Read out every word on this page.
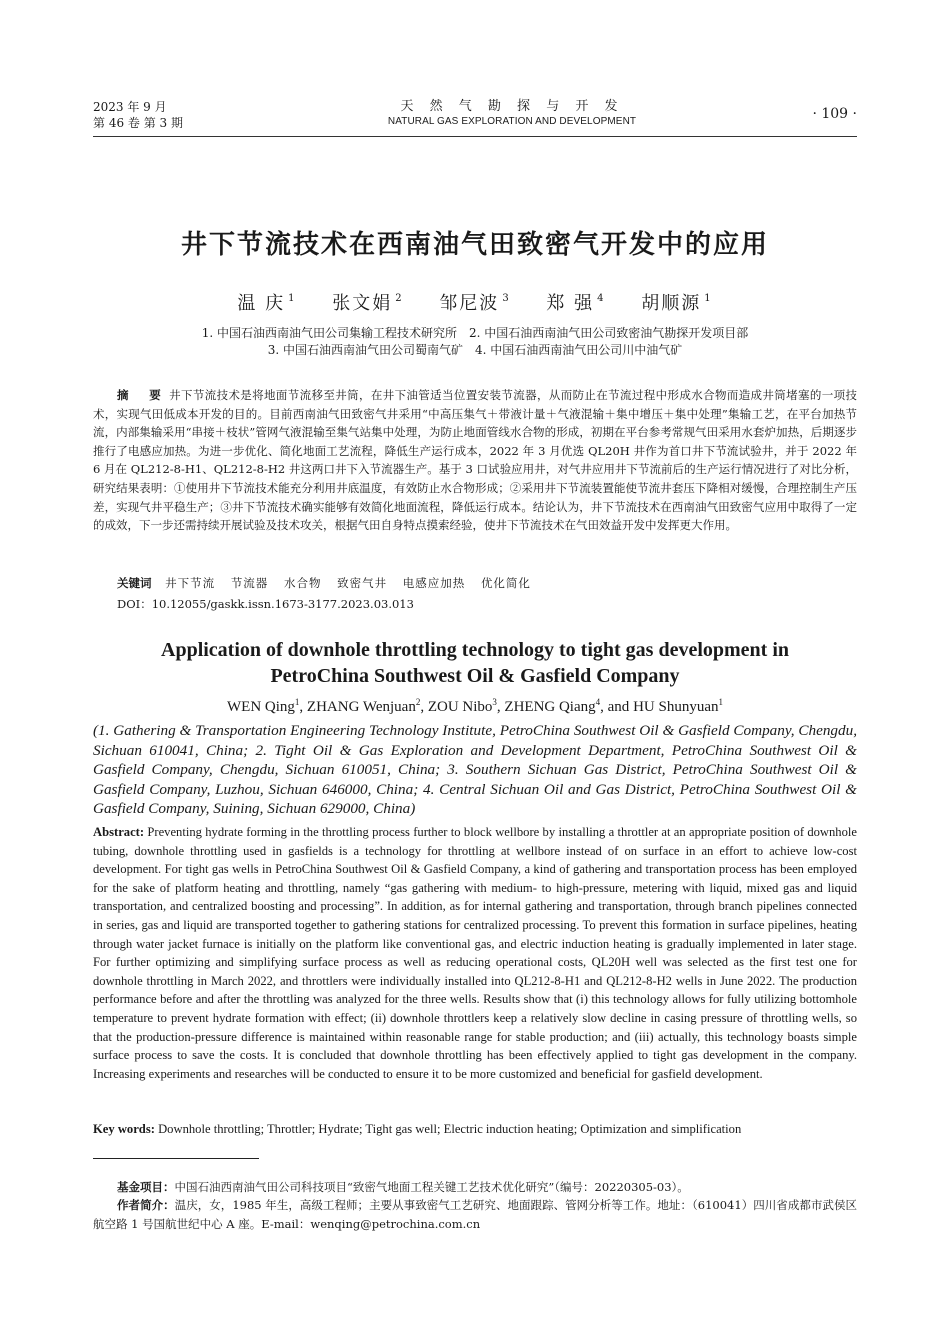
2023 年 9 月
第 46 卷 第 3 期
天 然 气 勘 探 与 开 发
NATURAL GAS EXPLORATION AND DEVELOPMENT	· 109 ·
井下节流技术在西南油气田致密气开发中的应用
温 庆 $^1$ 张文娟 $^2$ 邹尼波 $^3$ 郑 强 $^4$ 胡顺源 $^1$
1. 中国石油西南油气田公司集输工程技术研究所　2. 中国石油西南油气田公司致密油气勘探开发项目部
3. 中国石油西南油气田公司蜀南气矿　4. 中国石油西南油气田公司川中油气矿

摘 要井下节流技术是将地面节流移至井筒，在井下油管适当位置安装节流器，从而防止在节流过程中形成水合物而造成井筒堵塞的一项技术，实现气田低成本开发的目的。目前西南油气田致密气井采用“中高压集气＋带液计量＋气液混输＋集中增压＋集中处理”集输工艺，在平台加热节流，内部集输采用“串接＋枝状”管网气液混输至集气站集中处理，为防止地面管线水合物的形成，初期在平台参考常规气田采用水套炉加热，后期逐步推行了电感应加热。为进一步优化、简化地面工艺流程，降低生产运行成本，2022 年 3 月优选 QL20H 井作为首口井下节流试验井，并于 2022 年 6 月在 QL212-8-H1、QL212-8-H2 井这两口井下入节流器生产。基于 3 口试验应用井，对气井应用井下节流前后的生产运行情况进行了对比分析，研究结果表明：①使用井下节流技术能充分利用井底温度，有效防止水合物形成；②采用井下节流装置能使节流井套压下降相对缓慢，合理控制生产压差，实现气井平稳生产；③井下节流技术确实能够有效简化地面流程，降低运行成本。结论认为，井下节流技术在西南油气田致密气应用中取得了一定的成效，下一步还需持续开展试验及技术攻关，根据气田自身特点摸索经验，使井下节流技术在气田效益开发中发挥更大作用。

关键词 井下节流 节流器 水合物 致密气井 电感应加热 优化简化
DOI：10.12055/gaskk.issn.1673-3177.2023.03.013
Application of downhole throttling technology to tight gas development in
PetroChina Southwest Oil & Gasfield Company
WEN Qing$^1$, ZHANG Wenjuan$^2$, ZOU Nibo$^3$, ZHENG Qiang$^4$, and HU Shunyuan$^1$
(1. Gathering & Transportation Engineering Technology Institute, PetroChina Southwest Oil & Gasfield Company, Chengdu, Sichuan 610041, China; 2. Tight Oil & Gas Exploration and Development Department, PetroChina Southwest Oil & Gasfield Company, Chengdu, Sichuan 610051, China; 3. Southern Sichuan Gas District, PetroChina Southwest Oil & Gasfield Company, Luzhou, Sichuan 646000, China; 4. Central Sichuan Oil and Gas District, PetroChina Southwest Oil & Gasfield Company, Suining, Sichuan 629000, China)
Abstract: Preventing hydrate forming in the throttling process further to block wellbore by installing a throttler at an appropriate position of downhole tubing, downhole throttling used in gasfields is a technology for throttling at wellbore instead of on surface in an effort to achieve low-cost development. For tight gas wells in PetroChina Southwest Oil & Gasfield Company, a kind of gathering and transportation process has been employed for the sake of platform heating and throttling, namely “gas gathering with medium- to high-pressure, metering with liquid, mixed gas and liquid transportation, and centralized boosting and processing”. In addition, as for internal gathering and transportation, through branch pipelines connected in series, gas and liquid are transported together to gathering stations for centralized processing. To prevent this formation in surface pipelines, heating through water jacket furnace is initially on the platform like conventional gas, and electric induction heating is gradually implemented in later stage. For further optimizing and simplifying surface process as well as reducing operational costs, QL20H well was selected as the first test one for downhole throttling in March 2022, and throttlers were individually installed into QL212-8-H1 and QL212-8-H2 wells in June 2022. The production performance before and after the throttling was analyzed for the three wells. Results show that (i) this technology allows for fully utilizing bottomhole temperature to prevent hydrate formation with effect; (ii) downhole throttlers keep a relatively slow decline in casing pressure of throttling wells, so that the production-pressure difference is maintained within reasonable range for stable production; and (iii) actually, this technology boasts simple surface process to save the costs. It is concluded that downhole throttling has been effectively applied to tight gas development in the company. Increasing experiments and researches will be conducted to ensure it to be more customized and beneficial for gasfield development.
Key words: Downhole throttling; Throttler; Hydrate; Tight gas well; Electric induction heating; Optimization and simplification

基金项目：中国石油西南油气田公司科技项目“致密气地面工程关键工艺技术优化研究”（编号：20220305-03）。

作者简介：温庆，女，1985 年生，高级工程师；主要从事致密气工艺研究、地面跟踪、管网分析等工作。地址：（610041）四川省成都市武侯区航空路 1 号国航世纪中心 A 座。E-mail：wenqing@petrochina.com.cn
